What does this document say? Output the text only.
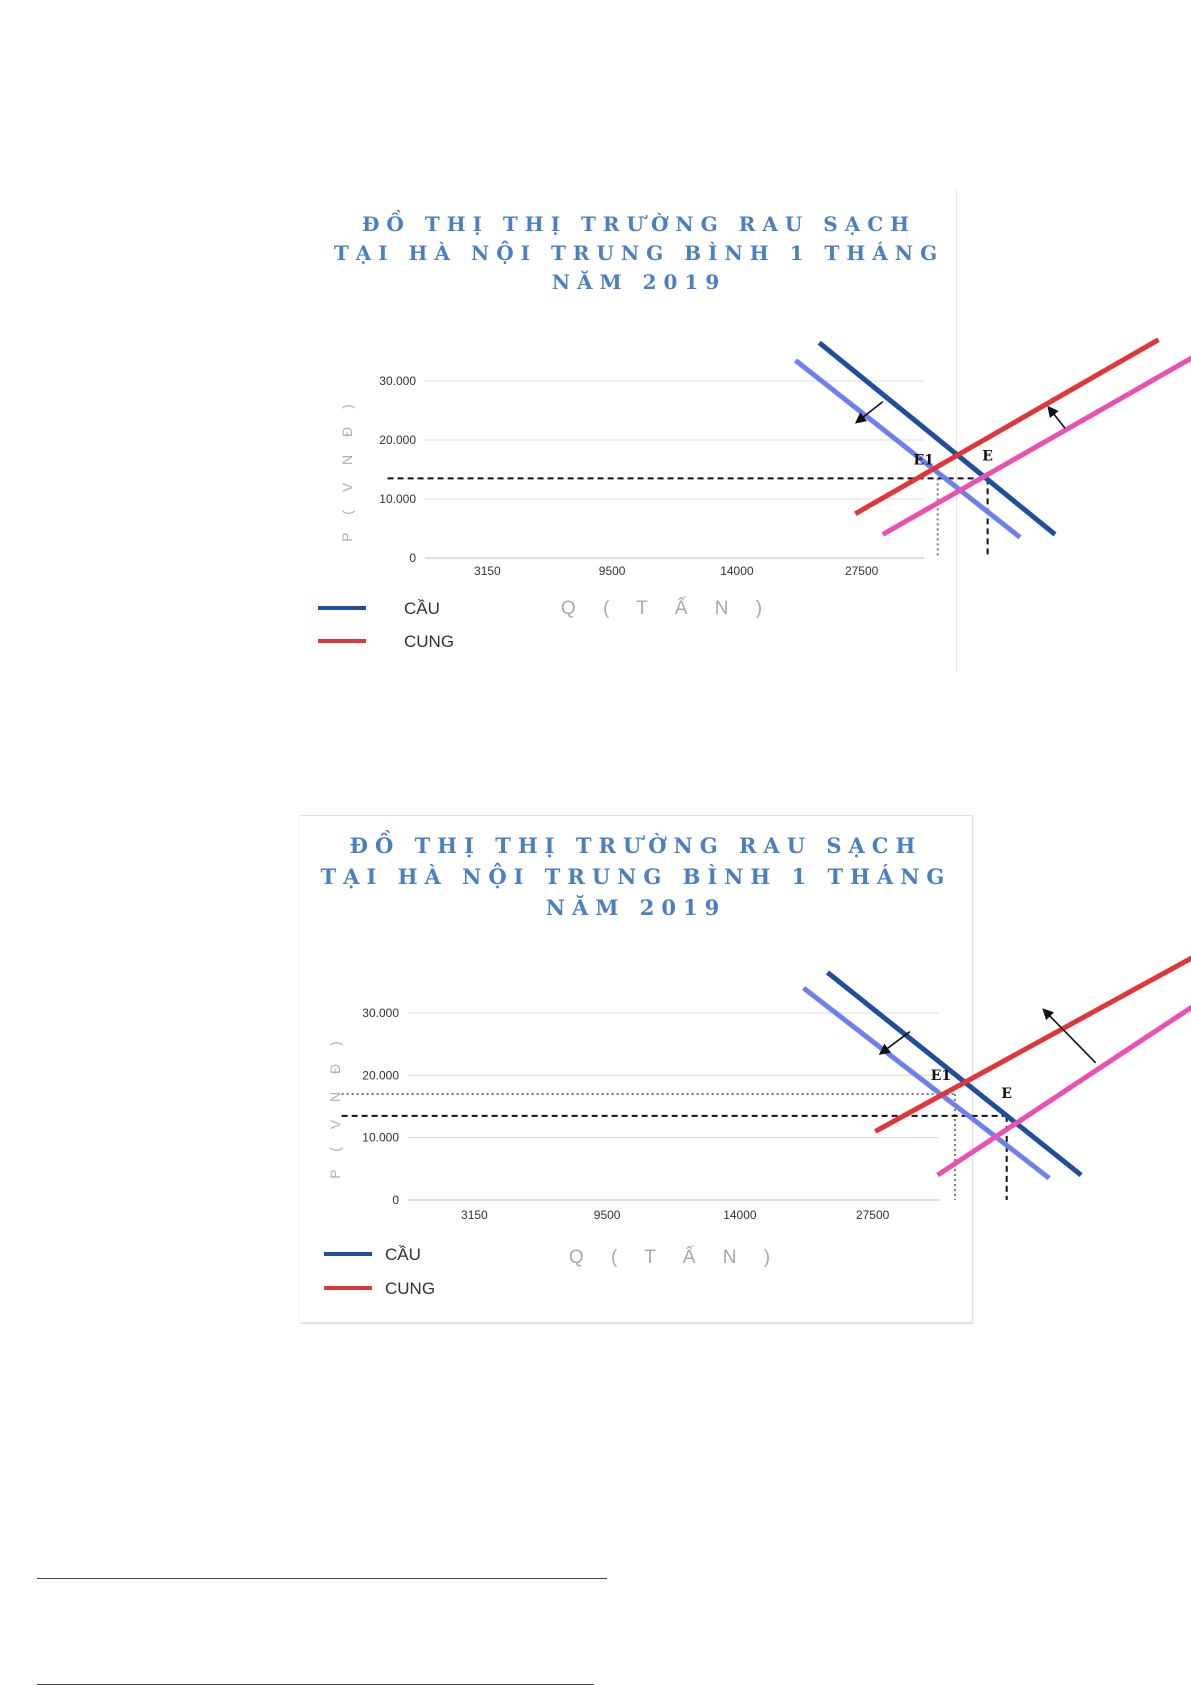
ĐỒ THỊ THỊ TRƯỜNG RAU SẠCH
TẠI HÀ NỘI TRUNG BÌNH 1 THÁNG
NĂM 2019
30.000
20.000
10.000
0
3150	9500	14000	27500
E1	E
P ( V N Đ )
Q ( T Ấ N )
CẦU
CUNG
ĐỒ THỊ THỊ TRƯỜNG RAU SẠCH
TẠI HÀ NỘI TRUNG BÌNH 1 THÁNG
NĂM 2019
30.000
20.000
10.000
0
3150	9500	14000	27500
E1
E
P ( V N Đ )
Q ( T Ấ N )
CẦU
CUNG
